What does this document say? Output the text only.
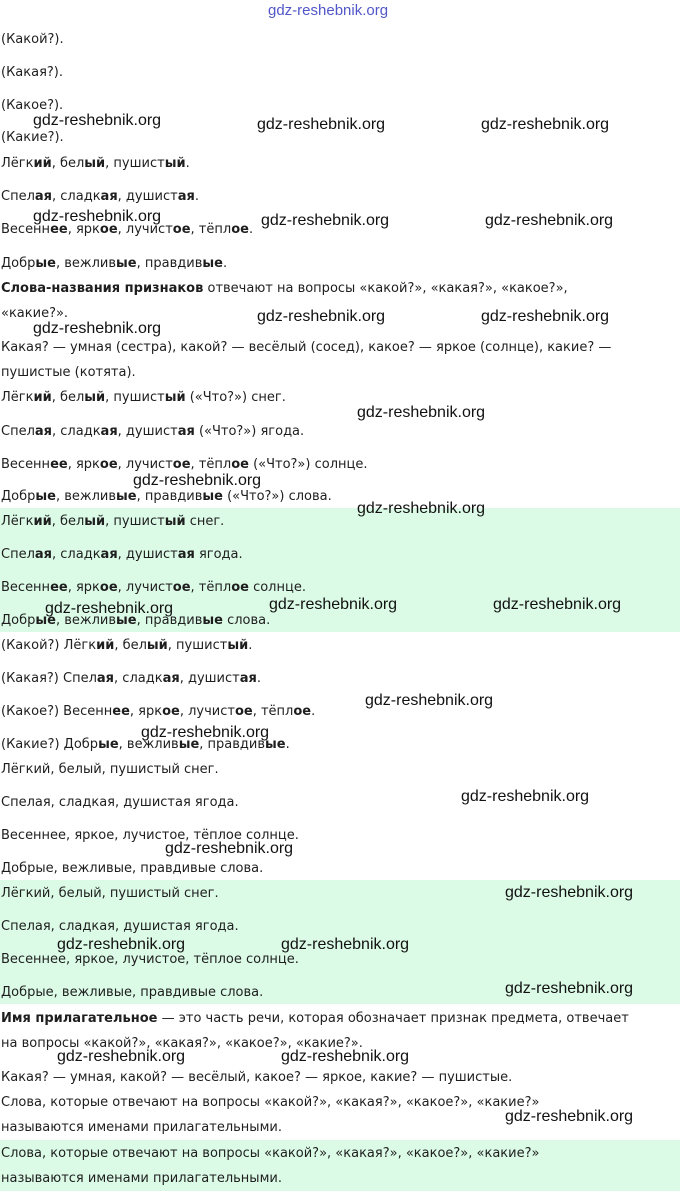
(Какой?).
(Какая?).
(Какое?).
(Какие?).
Лёгкий, белый, пушистый.
Спелая, сладкая, душистая.
Весеннее, яркое, лучистое, тёплое.
Добрые, вежливые, правдивые.
Слова-названия признаков отвечают на вопросы «какой?», «какая?», «какое?»,
«какие?».
Какая? — умная (сестра), какой? — весёлый (сосед), какое? — яркое (солнце), какие? —
пушистые (котята).
Лёгкий, белый, пушистый («Что?») снег.
Спелая, сладкая, душистая («Что?») ягода.
Весеннее, яркое, лучистое, тёплое («Что?») солнце.
Добрые, вежливые, правдивые («Что?») слова.
Лёгкий, белый, пушистый снег.
Спелая, сладкая, душистая ягода.
Весеннее, яркое, лучистое, тёплое солнце.
Добрые, вежливые, правдивые слова.
(Какой?) Лёгкий, белый, пушистый.
(Какая?) Спелая, сладкая, душистая.
(Какое?) Весеннее, яркое, лучистое, тёплое.
(Какие?) Добрые, вежливые, правдивые.
Лёгкий, белый, пушистый снег.
Спелая, сладкая, душистая ягода.
Весеннее, яркое, лучистое, тёплое солнце.
Добрые, вежливые, правдивые слова.
Лёгкий, белый, пушистый снег.
Спелая, сладкая, душистая ягода.
Весеннее, яркое, лучистое, тёплое солнце.
Добрые, вежливые, правдивые слова.
Имя прилагательное — это часть речи, которая обозначает признак предмета, отвечает
на вопросы «какой?», «какая?», «какое?», «какие?».
Какая? — умная, какой? — весёлый, какое? — яркое, какие? — пушистые.
Слова, которые отвечают на вопросы «какой?», «какая?», «какое?», «какие?»
называются именами прилагательными.
Слова, которые отвечают на вопросы «какой?», «какая?», «какое?», «какие?»
называются именами прилагательными.
gdz-reshebnik.org
gdz-reshebnik.org	gdz-reshebnik.org	gdz-reshebnik.org
gdz-reshebnik.org	gdz-reshebnik.org	gdz-reshebnik.org
gdz-reshebnik.org
gdz-reshebnik.org	gdz-reshebnik.org
gdz-reshebnik.org
gdz-reshebnik.org
gdz-reshebnik.org
gdz-reshebnik.org	gdz-reshebnik.org	gdz-reshebnik.org
gdz-reshebnik.org
gdz-reshebnik.org
gdz-reshebnik.org
gdz-reshebnik.org
gdz-reshebnik.org
gdz-reshebnik.org	gdz-reshebnik.org
gdz-reshebnik.org
gdz-reshebnik.org	gdz-reshebnik.org
gdz-reshebnik.org
